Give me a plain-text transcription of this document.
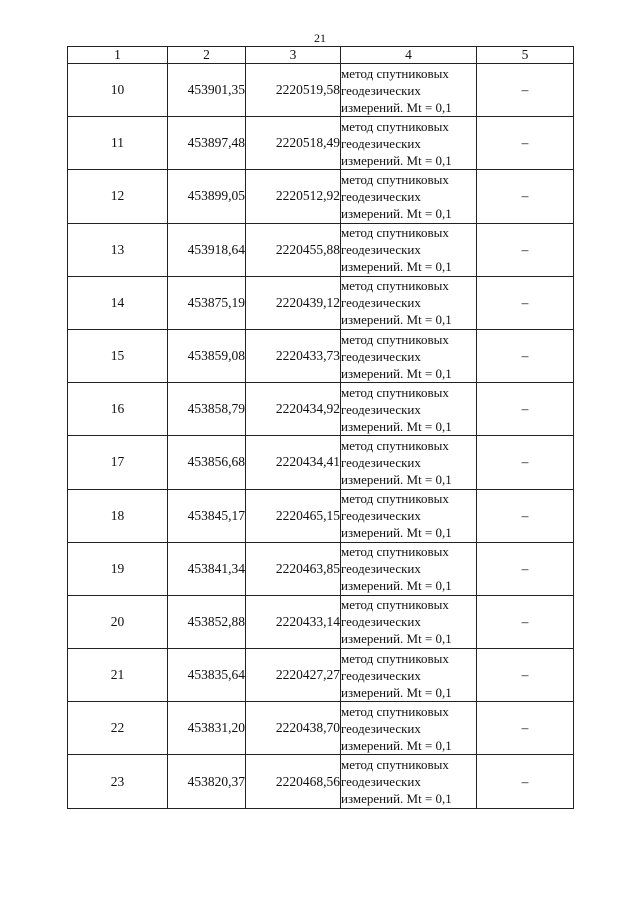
21
1	2	3	4	5
10	453901,35	2220519,58	метод спутниковых
геодезических
измерений. Mt = 0,1	–
11	453897,48	2220518,49	метод спутниковых
геодезических
измерений. Mt = 0,1	–
12	453899,05	2220512,92	метод спутниковых
геодезических
измерений. Mt = 0,1	–
13	453918,64	2220455,88	метод спутниковых
геодезических
измерений. Mt = 0,1	–
14	453875,19	2220439,12	метод спутниковых
геодезических
измерений. Mt = 0,1	–
15	453859,08	2220433,73	метод спутниковых
геодезических
измерений. Mt = 0,1	–
16	453858,79	2220434,92	метод спутниковых
геодезических
измерений. Mt = 0,1	–
17	453856,68	2220434,41	метод спутниковых
геодезических
измерений. Mt = 0,1	–
18	453845,17	2220465,15	метод спутниковых
геодезических
измерений. Mt = 0,1	–
19	453841,34	2220463,85	метод спутниковых
геодезических
измерений. Mt = 0,1	–
20	453852,88	2220433,14	метод спутниковых
геодезических
измерений. Mt = 0,1	–
21	453835,64	2220427,27	метод спутниковых
геодезических
измерений. Mt = 0,1	–
22	453831,20	2220438,70	метод спутниковых
геодезических
измерений. Mt = 0,1	–
23	453820,37	2220468,56	метод спутниковых
геодезических
измерений. Mt = 0,1	–
